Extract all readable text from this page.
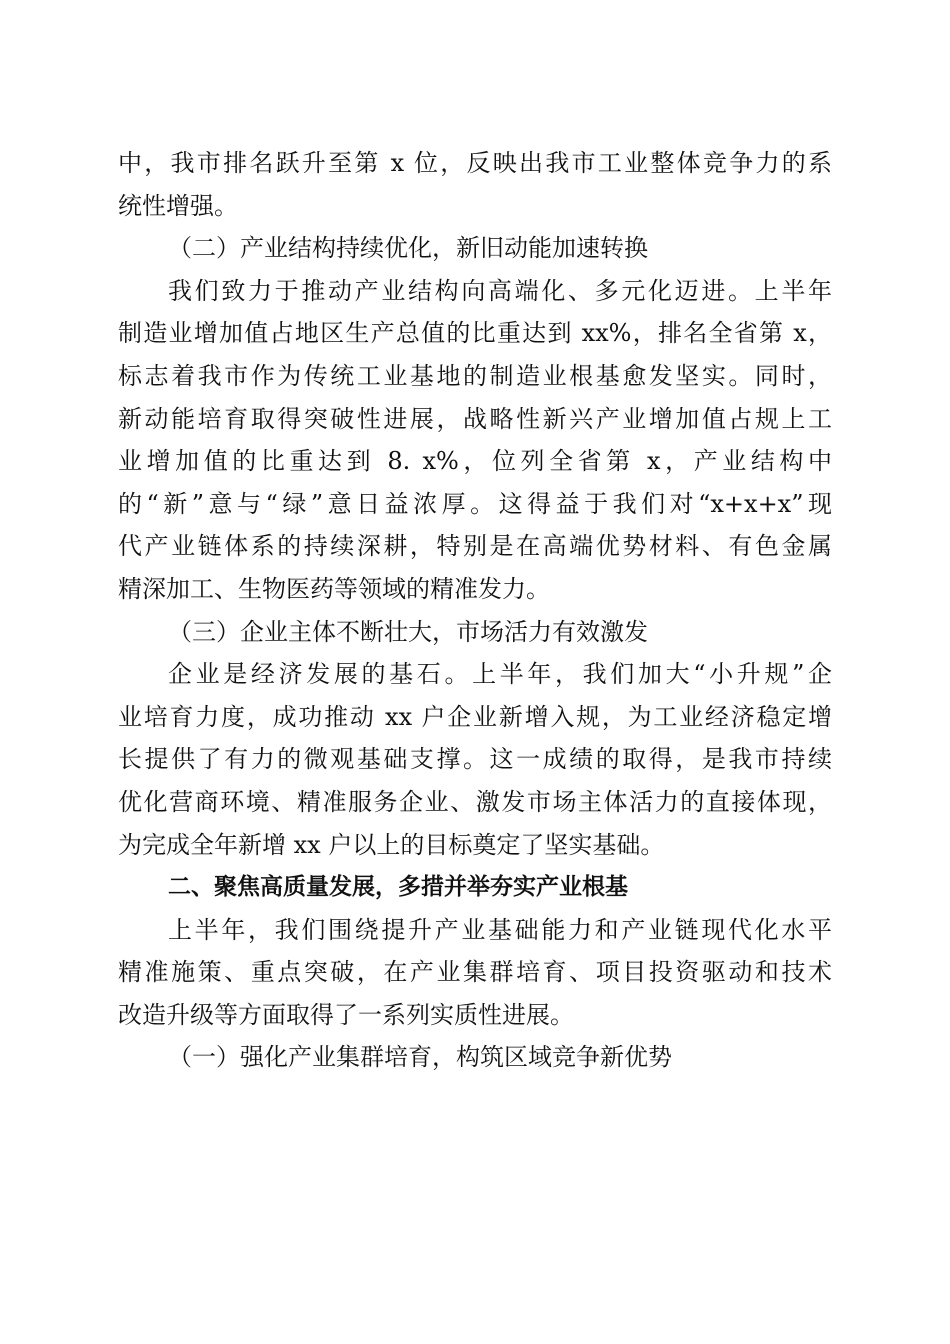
中，我市排名跃升至第 x 位，反映出我市工业整体竞争力的系
统性增强。
（二）产业结构持续优化，新旧动能加速转换
我们致力于推动产业结构向高端化、多元化迈进。上半年
制造业增加值占地区生产总值的比重达到 xx%，排名全省第 x，
标志着我市作为传统工业基地的制造业根基愈发坚实。同时，
新动能培育取得突破性进展，战略性新兴产业增加值占规上工
业增加值的比重达到 8. x%，位列全省第 x，产业结构中
的“新”意与“绿”意日益浓厚。这得益于我们对“x+x+x”现
代产业链体系的持续深耕，特别是在高端优势材料、有色金属
精深加工、生物医药等领域的精准发力。
（三）企业主体不断壮大，市场活力有效激发
企业是经济发展的基石。上半年，我们加大“小升规”企
业培育力度，成功推动 xx 户企业新增入规，为工业经济稳定增
长提供了有力的微观基础支撑。这一成绩的取得，是我市持续
优化营商环境、精准服务企业、激发市场主体活力的直接体现，
为完成全年新增 xx 户以上的目标奠定了坚实基础。
二、聚焦高质量发展，多措并举夯实产业根基
上半年，我们围绕提升产业基础能力和产业链现代化水平
精准施策、重点突破，在产业集群培育、项目投资驱动和技术
改造升级等方面取得了一系列实质性进展。
（一）强化产业集群培育，构筑区域竞争新优势
